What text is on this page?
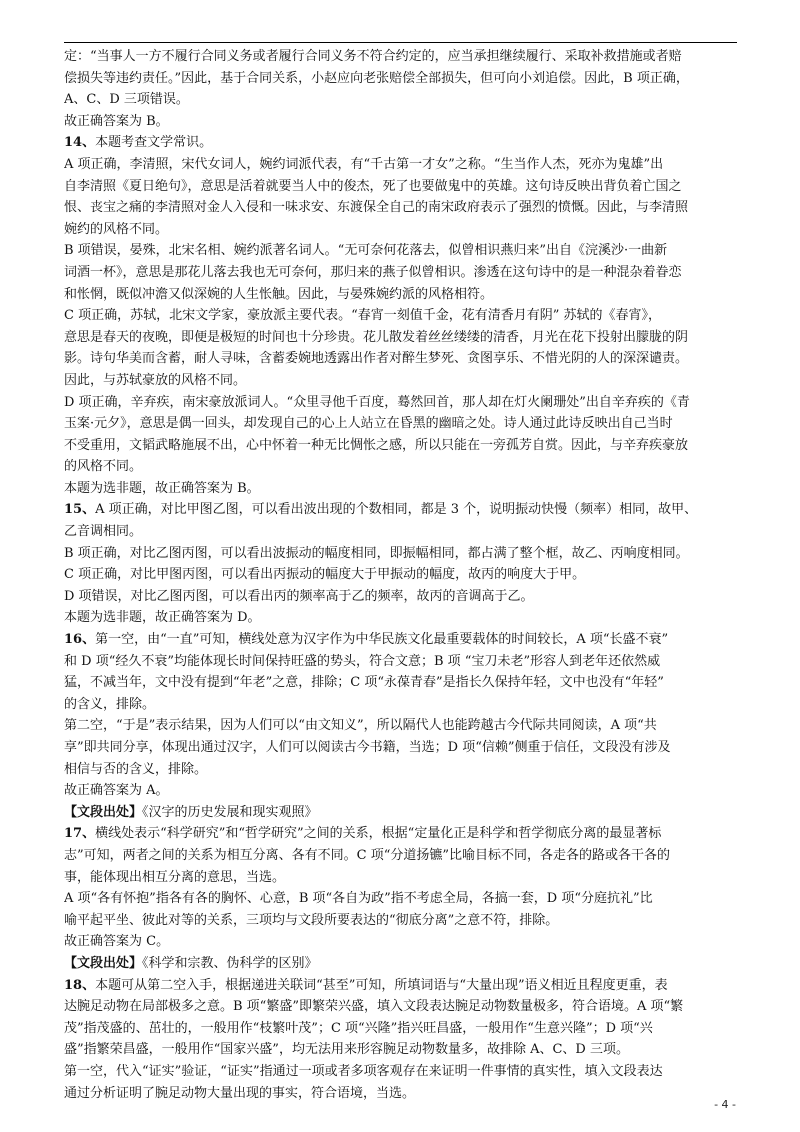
定：“当事人一方不履行合同义务或者履行合同义务不符合约定的，应当承担继续履行、采取补救措施或者赔
偿损失等违约责任。”因此，基于合同关系，小赵应向老张赔偿全部损失，但可向小刘追偿。因此，B 项正确，
A、C、D 三项错误。
故正确答案为 B。
14、本题考查文学常识。
A 项正确，李清照，宋代女词人，婉约词派代表，有“千古第一才女”之称。“生当作人杰，死亦为鬼雄”出
自李清照《夏日绝句》，意思是活着就要当人中的俊杰，死了也要做鬼中的英雄。这句诗反映出背负着亡国之
恨、丧宝之痛的李清照对金人入侵和一味求安、东渡保全自己的南宋政府表示了强烈的愤慨。因此，与李清照
婉约的风格不同。
B 项错误，晏殊，北宋名相、婉约派著名词人。“无可奈何花落去，似曾相识燕归来”出自《浣溪沙·一曲新
词酒一杯》，意思是那花儿落去我也无可奈何，那归来的燕子似曾相识。渗透在这句诗中的是一种混杂着眷恋
和怅惘，既似冲澹又似深婉的人生怅触。因此，与晏殊婉约派的风格相符。
C 项正确，苏轼，北宋文学家，豪放派主要代表。“春宵一刻值千金，花有清香月有阴” 苏轼的《春宵》，
意思是春天的夜晚，即便是极短的时间也十分珍贵。花儿散发着丝丝缕缕的清香，月光在花下投射出朦胧的阴
影。诗句华美而含蓄，耐人寻味，含蓄委婉地透露出作者对醉生梦死、贪图享乐、不惜光阴的人的深深谴责。
因此，与苏轼豪放的风格不同。
D 项正确，辛弃疾，南宋豪放派词人。“众里寻他千百度，蓦然回首，那人却在灯火阑珊处”出自辛弃疾的《青
玉案·元夕》，意思是偶一回头，却发现自己的心上人站立在昏黑的幽暗之处。诗人通过此诗反映出自己当时
不受重用，文韬武略施展不出，心中怀着一种无比惆怅之感，所以只能在一旁孤芳自赏。因此，与辛弃疾豪放
的风格不同。
本题为选非题，故正确答案为 B。
15、A 项正确，对比甲图乙图，可以看出波出现的个数相同，都是 3 个，说明振动快慢（频率）相同，故甲、
乙音调相同。
B 项正确，对比乙图丙图，可以看出波振动的幅度相同，即振幅相同，都占满了整个框，故乙、丙响度相同。
C 项正确，对比甲图丙图，可以看出丙振动的幅度大于甲振动的幅度，故丙的响度大于甲。
D 项错误，对比乙图丙图，可以看出丙的频率高于乙的频率，故丙的音调高于乙。
本题为选非题，故正确答案为 D。
16、第一空，由“一直”可知，横线处意为汉字作为中华民族文化最重要载体的时间较长，A 项“长盛不衰”
和 D 项“经久不衰”均能体现长时间保持旺盛的势头，符合文意；B 项 “宝刀未老”形容人到老年还依然威
猛，不减当年，文中没有提到“年老”之意，排除；C 项“永葆青春”是指长久保持年轻，文中也没有“年轻”
的含义，排除。
第二空，“于是”表示结果，因为人们可以“由文知义”，所以隔代人也能跨越古今代际共同阅读，A 项“共
享”即共同分享，体现出通过汉字，人们可以阅读古今书籍，当选；D 项“信赖”侧重于信任，文段没有涉及
相信与否的含义，排除。
故正确答案为 A。
【文段出处】《汉字的历史发展和现实观照》
17、横线处表示“科学研究”和“哲学研究”之间的关系，根据“定量化正是科学和哲学彻底分离的最显著标
志”可知，两者之间的关系为相互分离、各有不同。C 项“分道扬镳”比喻目标不同，各走各的路或各干各的
事，能体现出相互分离的意思，当选。
A 项“各有怀抱”指各有各的胸怀、心意，B 项“各自为政”指不考虑全局，各搞一套，D 项“分庭抗礼”比
喻平起平坐、彼此对等的关系，三项均与文段所要表达的“彻底分离”之意不符，排除。
故正确答案为 C。
【文段出处】《科学和宗教、伪科学的区别》
18、本题可从第二空入手，根据递进关联词“甚至”可知，所填词语与“大量出现”语义相近且程度更重，表
达腕足动物在局部极多之意。B 项“繁盛”即繁荣兴盛，填入文段表达腕足动物数量极多，符合语境。A 项“繁
茂”指茂盛的、茁壮的，一般用作“枝繁叶茂”；C 项“兴隆”指兴旺昌盛，一般用作“生意兴隆”；D 项“兴
盛”指繁荣昌盛，一般用作“国家兴盛”，均无法用来形容腕足动物数量多，故排除 A、C、D 三项。
第一空，代入“证实”验证，“证实”指通过一项或者多项客观存在来证明一件事情的真实性，填入文段表达
通过分析证明了腕足动物大量出现的事实，符合语境，当选。
- 4 -
